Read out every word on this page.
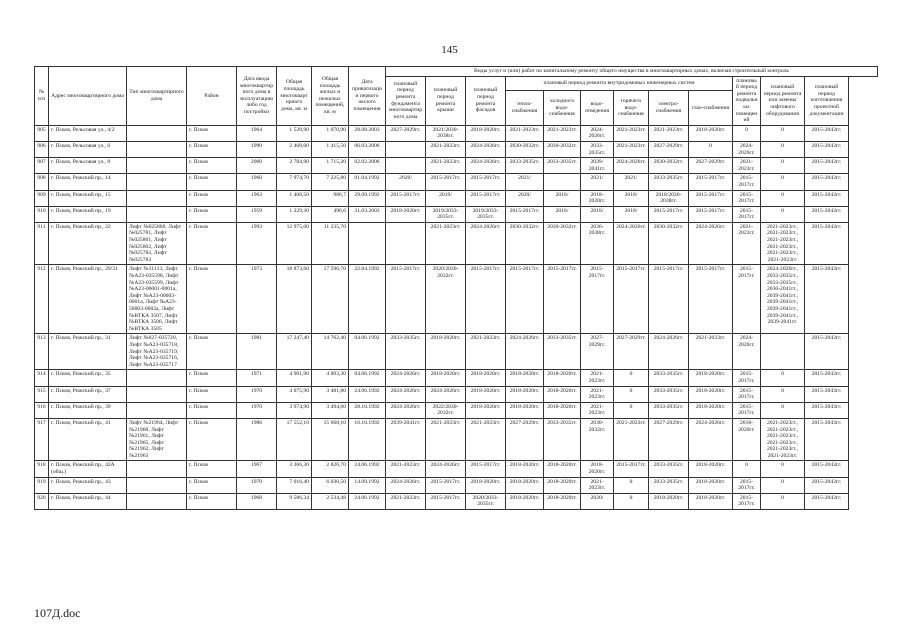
145
№ п/п	Адрес многоквартирного дома	Тип многоквартирного дома	Район	Дата ввода многоквартирного дома в эксплуатацию либо год постройки	Общая площадь многоквартирного дома, кв. м	Общая площадь жилых и нежилых помещений, кв. м	Дата приватизации первого жилого помещения	Виды услуг и (или) работ по капитальному ремонту общего имущества в многоквартирных домах, включая строительный контроль											
								плановый период ремонта фундамента многоквартирного дома	плановый период ремонта крыши	плановый период ремонта фасадов	плановый период ремонта внутридомовых инженерных систем						плановый период ремонта подвальных помещений	плановый период ремонта или замены лифтового оборудования	плановый период изготовления проектной документации
											тепло-снабжения	холодного водо-снабжения	водо-отведения	горячего водо-снабжения	электро-снабжения	газо-снабжения			
905	г. Псков, Рельсовая ул., 4/2		г. Псков	1964	1 528,90	1 070,90	28.08.2003	2027-2029гг.	2021/2030-2038гг.	2018-2020гг.	2021-2023гг.	2021-2023гг.	2024-2026гг.	2021-2023гг.	2021-2023гг.	2018-2020гг.	0	0	2015-2043гг.
906	г. Псков, Рельсовая ул., 6		г. Псков	1990	2 468,00	1 415,50	06.03.2006		2021-2023гг.	2024-2026гг.	2030-2032гг.	2030-2032гг.	2033-2035гг.	2021-2023гг.	2027-2029гг.	0	2024-2026гг.	0	2015-2043гг.
907	г. Псков, Рельсовая ул., 8		г. Псков	2000	2 784,90	1 715,20	02.02.2006		2021-2023гг.	2024-2026гг.	2033-2035гг.	2033-2035гг.	2039-2041гг.	2024-2026гг.	2030-2032гг.	2027-2029гг.	2021-2023гг.	0	2015-2043гг.
908	г. Псков, Рижский пр., 14		г. Псков	1960	7 974,70	7 225,80	01.04.1992	2020/	2015-2017гг.	2015-2017гг.	2021/		2021/	2021/	2033-2035гг.	2015-2017гг.	2015-2017гг.	0	2015-2043гг.
909	г. Псков, Рижский пр., 15		г. Псков	1963	1 408,50	986,7	29.09.1992	2015-2017гг.	2019/	2015-2017гг.	2020/	2018/	2018-2020гг.	2018/	2018/2036-2038гг.	2015-2017гг.	2015-2017гг.	0	2015-2043гг.
910	г. Псков, Рижский пр., 19		г. Псков	1959	1 229,30	496,6	31.03.2003	2018-2020гг.	2019/2033-2035гг.	2019/2033-2035гг.	2015-2017гг.	2018/	2018/	2018/	2015-2017гг.	2015-2017гг.	2015-2017гг.	0	2015-2043гг.
911	г. Псков, Рижский пр., 22	Лифт №025800, Лифт №025781, Лифт №025801, Лифт №025802, Лифт №025782, Лифт №025783	г. Псков	1993	12 975,00	11 235,70			2021-2023гг.	2024-2026гг.	2030-2032гг.	2030-2032гг.	2036-2038гг.	2024-2026гг.	2030-2032гг.	2024-2026гг.	2021-2023гг.	2021-2023гг., 2021-2023гг., 2021-2023гг., 2021-2023гг., 2021-2023гг., 2021-2023гг.	2015-2043гг.
912	г. Псков, Рижский пр., 29/31	Лифт №31113, Лифт №А23-035598, Лифт №А23-035599, Лифт №А23-06001-0001а, Лифт №А23-00003-0001а, Лифт №А23-50003-0002а, Лифт №ВТКА 3507, Лифт №ВТКА 3506, Лифт №ВТКА 3505	г. Псков	1973	18 873,60	17 596,70	22.04.1992	2015-2017гг.	2020/2030-2032гг.	2015-2017гг.	2015-2017гг.	2015-2017гг.	2015-2017гг.	2015-2017гг.	2015-2017гг.	2015-2017гг.	2015-2017гг.	2024-2026гг., 2033-2035гг., 2033-2035гг., 2030-2041гг., 2039-2041гг., 2039-2041гг., 2039-2041гг., 2039-2041гг., 2039-2041гг.	2015-2043гг.
913	г. Псков, Рижский пр., 31	Лифт №027-035720, Лифт №А23-035718, Лифт №А23-035719, Лифт №А23-035716, Лифт №А23-035717	г. Псков	1981	17 247,40	14 762,40	04.06.1992	2033-2035гг.	2018-2020гг.	2021-2023гг.	2024-2026гг.	2033-2035гг.	2027-2029гг.	2027-2029гг.	2024-2026гг.	2021-2023гг.	2024-2026гг.		2015-2043гг.
914	г. Псков, Рижский пр., 35		г. Псков	1971	4 901,90	4 003,30	04.06.1992	2024-2026гг.	2018-2020гг.	2018-2020гг.	2018-2020гг.	2018-2020гг.	2021-2023гг.	0	2033-2035гг.	2018-2020гг.	2015-2017гг.	0	2015-2043гг.
915	г. Псков, Рижский пр., 37		г. Псков	1970	4 075,90	3 481,80	24.06.1992	2024-2026гг.	2024-2026гг.	2018-2020гг.	2018-2020гг.	2018-2020гг.	2021-2023гг.	0	2033-2035гг.	2018-2020гг.	2015-2017гг.	0	2015-2043гг.
916	г. Псков, Рижский пр., 39		г. Псков	1970	3 974,90	3 494,60	28.10.1992	2024-2026гг.	2022/2030-2032гг.	2018-2020гг.	2018-2020гг.	2018-2020гг.	2021-2023гг.	0	2033-2035гг.	2018-2020гг.	2015-2017гг.	0	2015-2043гг.
917	г. Псков, Рижский пр., 41	Лифт №21964, Лифт №21960, Лифт №21961, Лифт №21965, Лифт №21962, Лифт №21963	г. Псков	1986	17 552,10	15 668,10	16.10.1992	2039-2041гг.	2021-2023гг.	2021-2023гг.	2027-2029гг.	2033-2035гг.	2030-2032гг.	2021-2023гг.	2027-2029гг.	2024-2026гг.	2018-2020гг.	2021-2023гг., 2021-2023гг., 2021-2023гг., 2021-2023гг., 2021-2023гг., 2021-2023гг.	2015-2043гг.
918	г. Псков, Рижский пр., 42А (общ.)		г. Псков	1967	3 366,30	2 826,70	24.06.1992	2021-2023гг.	2024-2026гг.	2015-2017гг.	2018-2020гг.	2018-2020гг.	2018-2020гг.	2015-2017гг.	2033-2035гг.	2018-2020гг.	0	0	2015-2043гг.
919	г. Псков, Рижский пр., 43		г. Псков	1970	7 016,40	6 030,50	14.09.1992	2024-2026гг.	2015-2017гг.	2018-2020гг.	2018-2020гг.	2018-2020гг.	2021-2023гг.	0	2033-2035гг.	2018-2020гг.	2015-2017гг.	0	2015-2043гг.
920	г. Псков, Рижский пр., 44		г. Псков	1968	9 586,34	2 534,48	24.06.1992	2021-2023гг.	2015-2017гг.	2020/2033-2035гг.	2018-2020гг.	2018-2020гг.	2020/	0	2018-2020гг.	2018-2020гг.	2015-2017гг.	0	2015-2043гг.
107Д.doc
